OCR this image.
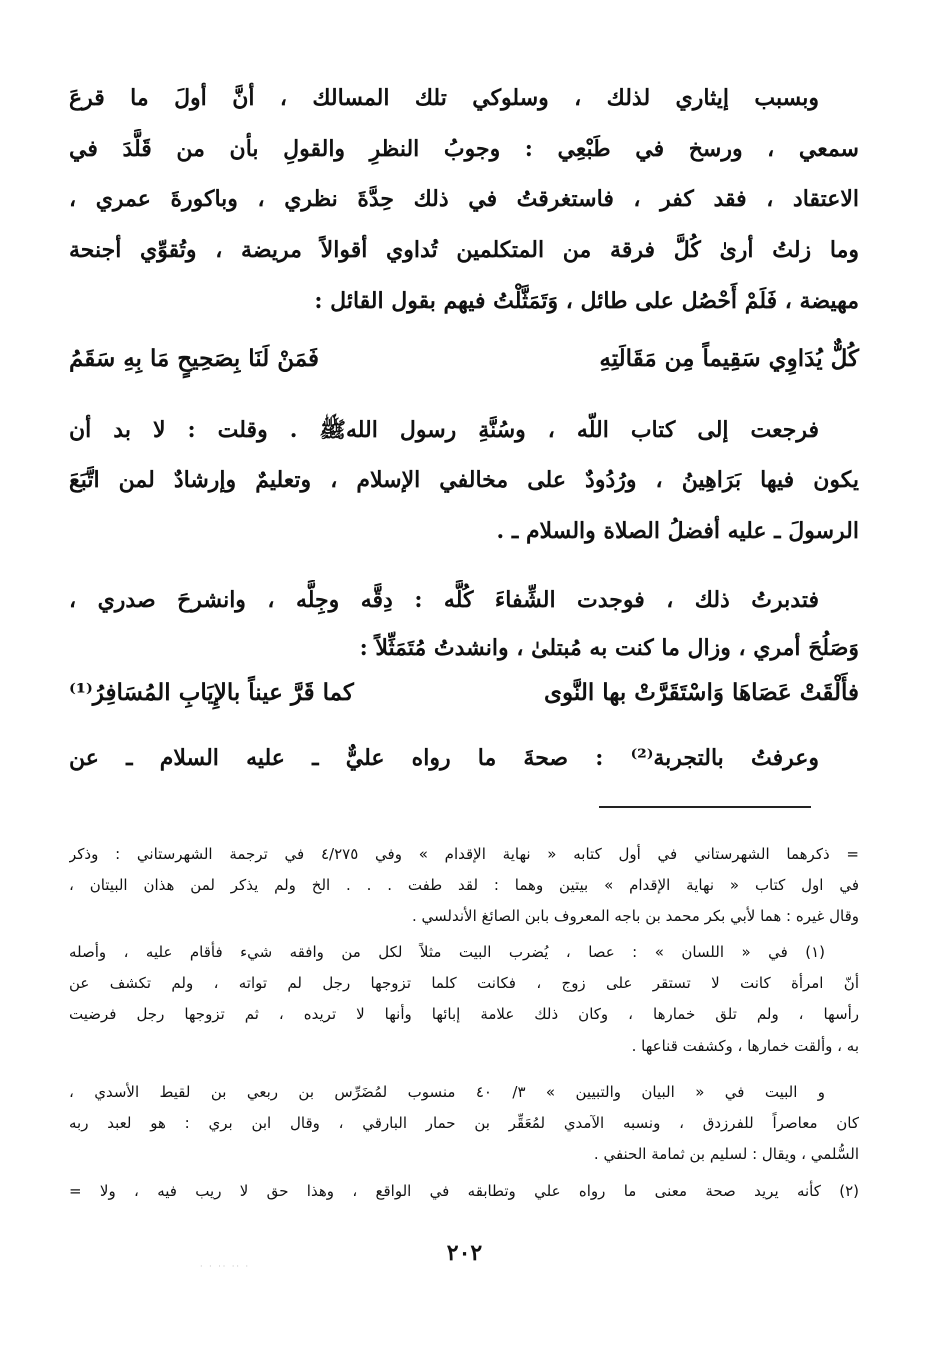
وبسبب إيثاري لذلك ، وسلوكي تلك المسالك ، أنَّ أولَ ما قرعَ
سمعي ، ورسخ في طَبْعِي : وجوبُ النظرِ والقولِ بأن من قَلَّدَ في
الاعتقاد ، فقد كفر ، فاستغرقتُ في ذلك حِدَّةَ نظري ، وباكورةَ عمري ،
وما زلتُ أرىٰ كُلَّ فرقة من المتكلمين تُداوي أقوالاً مريضة ، وتُقوِّي أجنحة
مهيضة ، فَلَمْ أَحْصُل على طائل ، وَتَمَثَّلْتُ فيهم بقول القائل :
كُلٌّ يُدَاوِي سَقِيماً مِن مَقَالَتِهِ
فَمَنْ لَنَا بِصَحِيحٍ مَا بِهِ سَقَمُ
فرجعت إلى كتاب اللّه ، وسُنَّةِ رسول اللهﷺ . وقلت : لا بد أن
يكون فيها بَرَاهِينُ ، ورُدُودٌ على مخالفي الإسلام ، وتعليمٌ وإرشادٌ لمن اتَّبَعَ
الرسولَ ـ عليه أفضلُ الصلاة والسلام ـ .
فتدبرتُ ذلك ، فوجدت الشِّفاءَ كُلَّه : دِقَّه وجِلَّه ، وانشرحَ صدري ،
وَصَلُحَ أمري ، وزال ما كنت به مُبتلىٰ ، وانشدتُ مُتَمَثِّلاً :
فأَلْقَتْ عَصَاهَا وَاسْتَقَرَّتْ بها النَّوى
كما قَرَّ عيناً بالإِيَابِ المُسَافِرُ⁽¹⁾
وعرفتُ بالتجربة⁽²⁾ : صحةَ ما رواه عليٌّ ـ عليه السلام ـ عن
= ذكرهما الشهرستاني في أول كتابه « نهاية الإقدام » وفي ٤/٢٧٥ في ترجمة الشهرستاني : وذكر
في اول كتاب « نهاية الإقدام » بيتين وهما : لقد طفت . . . الخ ولم يذكر لمن هذان البيتان ،
وقال غيره : هما لأبي بكر محمد بن باجه المعروف بابن الصائغ الأندلسي .
(١) في « اللسان » : عصا ، يُضرب البيت مثلاً لكل من وافقه شيء فأقام عليه ، وأصله
أنّ امرأة كانت لا تستقر على زوج ، فكانت كلما تزوجها رجل لم تواته ، ولم تكشف عن
رأسها ، ولم تلق خمارها ، وكان ذلك علامة إبائها وأنها لا تريده ، ثم تزوجها رجل فرضيت
به ، وألقت خمارها ، وكشفت قناعها .
و البيت في « البيان والتبيين » ٣/ ٤٠ منسوب لمُضَرِّس بن ربعي بن لقيط الأسدي ،
كان معاصراً للفرزدق ، ونسبه الآمدي لمُعَقِّر بن حمار البارقي ، وقال ابن بري : هو لعبد ربه
السُّلمي ، ويقال : لسليم بن ثمامة الحنفي .
(٢) كأنه يريد صحة معنى ما رواه علي وتطابقه في الواقع ، وهذا حق لا ريب فيه ، ولا =
٢٠٢
· ·· ·· · ·
